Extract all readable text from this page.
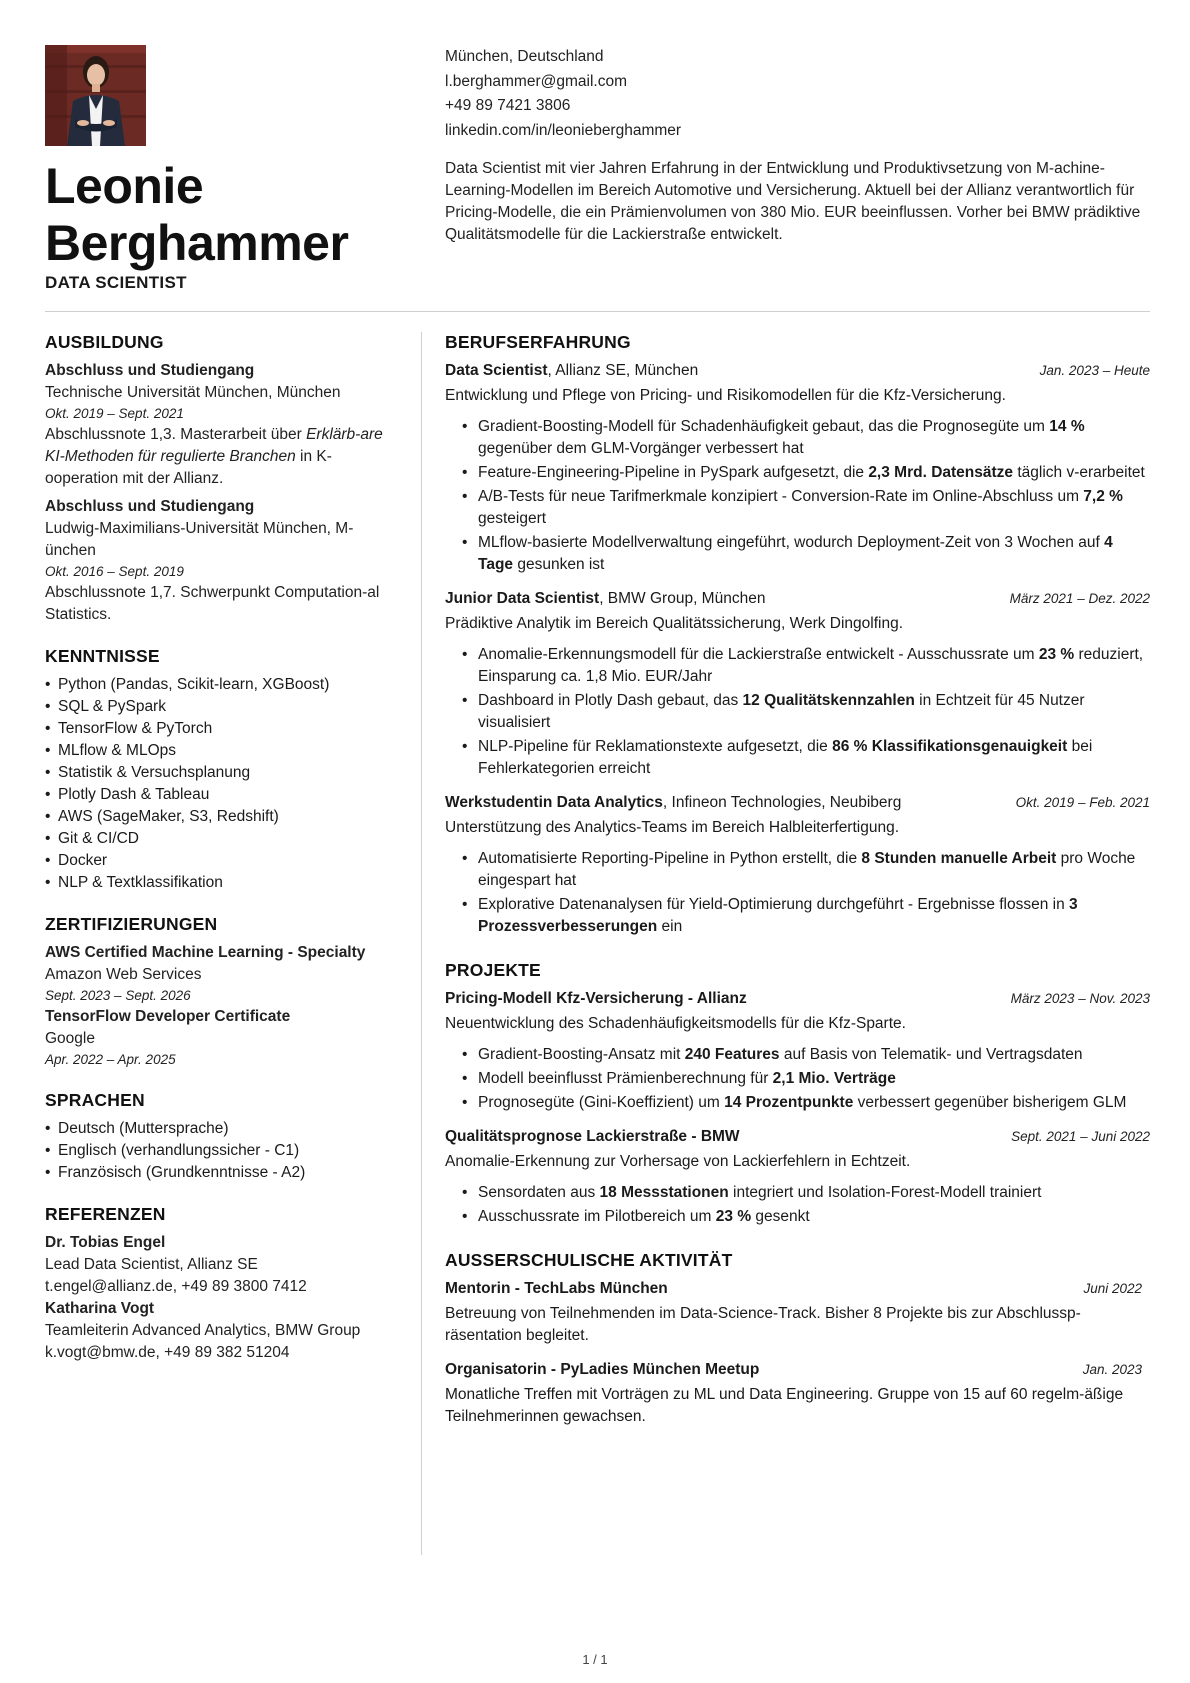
Leonie
Berghammer
DATA SCIENTIST
München, Deutschland
l.berghammer@gmail.com
+49 89 7421 3806
linkedin.com/in/leonieberghammer
Data Scientist mit vier Jahren Erfahrung in der Entwicklung und Produktivsetzung von M-achine-Learning-Modellen im Bereich Automotive und Versicherung. Aktuell bei der Allianz verantwortlich für Pricing-Modelle, die ein Prämienvolumen von 380 Mio. EUR beeinflussen. Vorher bei BMW prädiktive Qualitätsmodelle für die Lackierstraße entwickelt.
AUSBILDUNG
Abschluss und Studiengang
Technische Universität München, München
Okt. 2019 – Sept. 2021
Abschlussnote 1,3. Masterarbeit über Erklärb-are KI-Methoden für regulierte Branchen in K-ooperation mit der Allianz.
Abschluss und Studiengang
Ludwig-Maximilians-Universität München, M-ünchen
Okt. 2016 – Sept. 2019
Abschlussnote 1,7. Schwerpunkt Computation-al Statistics.
KENNTNISSE
• Python (Pandas, Scikit-learn, XGBoost)
• SQL & PySpark
• TensorFlow & PyTorch
• MLflow & MLOps
• Statistik & Versuchsplanung
• Plotly Dash & Tableau
• AWS (SageMaker, S3, Redshift)
• Git & CI/CD
• Docker
• NLP & Textklassifikation
ZERTIFIZIERUNGEN
AWS Certified Machine Learning - Specialty
Amazon Web Services
Sept. 2023 – Sept. 2026
TensorFlow Developer Certificate
Google
Apr. 2022 – Apr. 2025
SPRACHEN
• Deutsch (Muttersprache)
• Englisch (verhandlungssicher - C1)
• Französisch (Grundkenntnisse - A2)
REFERENZEN
Dr. Tobias Engel
Lead Data Scientist, Allianz SE
t.engel@allianz.de, +49 89 3800 7412
Katharina Vogt
Teamleiterin Advanced Analytics, BMW Group
k.vogt@bmw.de, +49 89 382 51204
BERUFSERFAHRUNG
Data Scientist, Allianz SE, München	Jan. 2023 – Heute
Entwicklung und Pflege von Pricing- und Risikomodellen für die Kfz-Versicherung.
• Gradient-Boosting-Modell für Schadenhäufigkeit gebaut, das die Prognosegüte um 14 % gegenüber dem GLM-Vorgänger verbessert hat
• Feature-Engineering-Pipeline in PySpark aufgesetzt, die 2,3 Mrd. Datensätze täglich v-erarbeitet
• A/B-Tests für neue Tarifmerkmale konzipiert - Conversion-Rate im Online-Abschluss um 7,2 % gesteigert
• MLflow-basierte Modellverwaltung eingeführt, wodurch Deployment-Zeit von 3 Wochen auf 4 Tage gesunken ist
Junior Data Scientist, BMW Group, München	März 2021 – Dez. 2022
Prädiktive Analytik im Bereich Qualitätssicherung, Werk Dingolfing.
• Anomalie-Erkennungsmodell für die Lackierstraße entwickelt - Ausschussrate um 23 % reduziert, Einsparung ca. 1,8 Mio. EUR/Jahr
• Dashboard in Plotly Dash gebaut, das 12 Qualitätskennzahlen in Echtzeit für 45 Nutzer visualisiert
• NLP-Pipeline für Reklamationstexte aufgesetzt, die 86 % Klassifikationsgenauigkeit bei Fehlerkategorien erreicht
Werkstudentin Data Analytics, Infineon Technologies, Neubiberg	Okt. 2019 – Feb. 2021
Unterstützung des Analytics-Teams im Bereich Halbleiterfertigung.
• Automatisierte Reporting-Pipeline in Python erstellt, die 8 Stunden manuelle Arbeit pro Woche eingespart hat
• Explorative Datenanalysen für Yield-Optimierung durchgeführt - Ergebnisse flossen in 3 Prozessverbesserungen ein
PROJEKTE
Pricing-Modell Kfz-Versicherung - Allianz	März 2023 – Nov. 2023
Neuentwicklung des Schadenhäufigkeitsmodells für die Kfz-Sparte.
• Gradient-Boosting-Ansatz mit 240 Features auf Basis von Telematik- und Vertragsdaten
• Modell beeinflusst Prämienberechnung für 2,1 Mio. Verträge
• Prognosegüte (Gini-Koeffizient) um 14 Prozentpunkte verbessert gegenüber bisherigem GLM
Qualitätsprognose Lackierstraße - BMW	Sept. 2021 – Juni 2022
Anomalie-Erkennung zur Vorhersage von Lackierfehlern in Echtzeit.
• Sensordaten aus 18 Messstationen integriert und Isolation-Forest-Modell trainiert
• Ausschussrate im Pilotbereich um 23 % gesenkt
AUSSERSCHULISCHE AKTIVITÄT
Mentorin - TechLabs München	Juni 2022
Betreuung von Teilnehmenden im Data-Science-Track. Bisher 8 Projekte bis zur Abschlussp-räsentation begleitet.
Organisatorin - PyLadies München Meetup	Jan. 2023
Monatliche Treffen mit Vorträgen zu ML und Data Engineering. Gruppe von 15 auf 60 regelm-äßige Teilnehmerinnen gewachsen.
1 / 1
